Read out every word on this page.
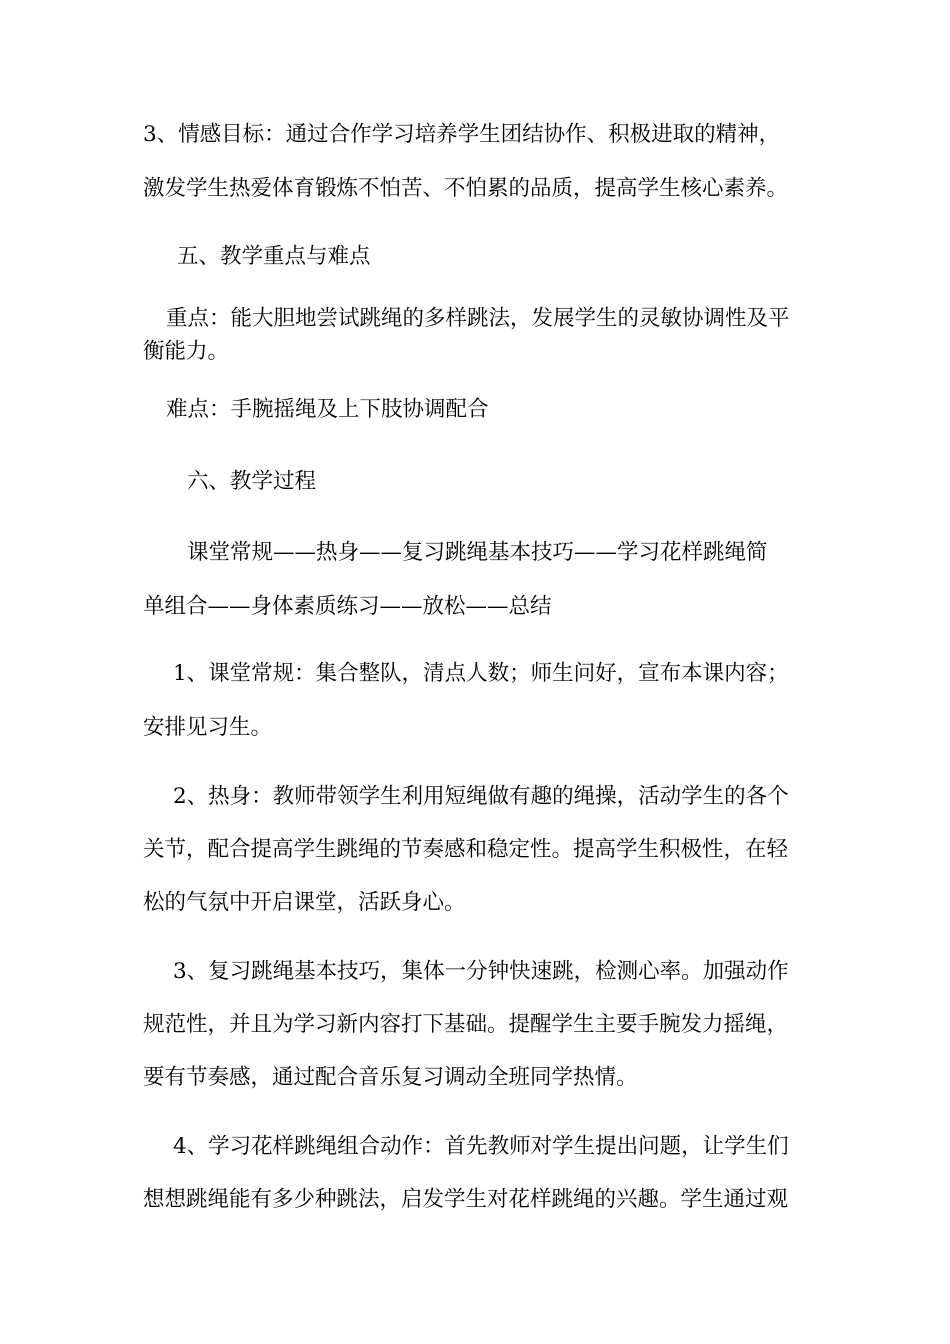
3、情感目标：通过合作学习培养学生团结协作、积极进取的精神，

激发学生热爱体育锻炼不怕苦、不怕累的品质，提高学生核心素养。

五、教学重点与难点

重点：能大胆地尝试跳绳的多样跳法，发展学生的灵敏协调性及平

衡能力。

难点：手腕摇绳及上下肢协调配合

六、教学过程

课堂常规——热身——复习跳绳基本技巧——学习花样跳绳简

单组合——身体素质练习——放松——总结

1、课堂常规：集合整队，清点人数；师生问好，宣布本课内容；

安排见习生。

2、热身：教师带领学生利用短绳做有趣的绳操，活动学生的各个

关节，配合提高学生跳绳的节奏感和稳定性。提高学生积极性，在轻

松的气氛中开启课堂，活跃身心。

3、复习跳绳基本技巧，集体一分钟快速跳，检测心率。加强动作

规范性，并且为学习新内容打下基础。提醒学生主要手腕发力摇绳，

要有节奏感，通过配合音乐复习调动全班同学热情。

4、学习花样跳绳组合动作：首先教师对学生提出问题，让学生们

想想跳绳能有多少种跳法，启发学生对花样跳绳的兴趣。学生通过观
